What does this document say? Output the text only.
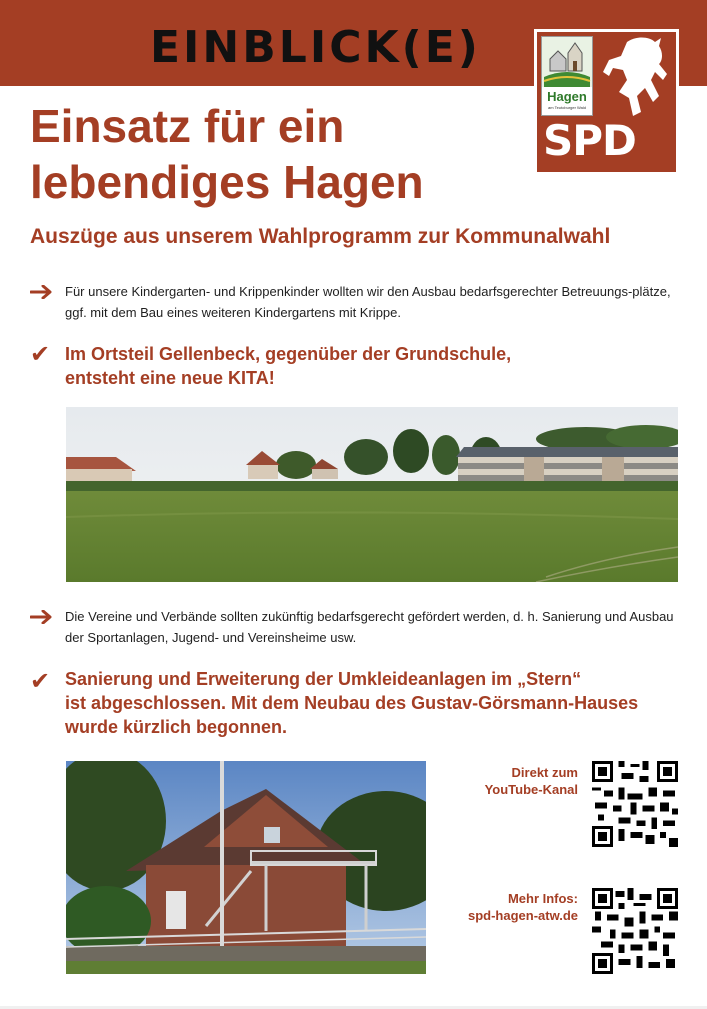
EINBLICK(E)
Hagen
am Teutoburger Wald
SPD
Einsatz für ein
lebendiges Hagen
Auszüge aus unserem Wahlprogramm zur Kommunalwahl
Für unsere Kindergarten- und Krippenkinder wollten wir den Ausbau bedarfsgerechter Betreuungs-plätze, ggf. mit dem Bau eines weiteren Kindergartens mit Krippe.
✔ Im Ortsteil Gellenbeck, gegenüber der Grundschule,
entsteht eine neue KITA!
Die Vereine und Verbände sollten zukünftig bedarfsgerecht gefördert werden, d. h. Sanierung und Ausbau der Sportanlagen, Jugend- und Vereinsheime usw.
✔ Sanierung und Erweiterung der Umkleideanlagen im „Stern“
ist abgeschlossen. Mit dem Neubau des Gustav-Görsmann-Hauses
wurde kürzlich begonnen.
Direkt zum
YouTube-Kanal
Mehr Infos:
spd-hagen-atw.de
